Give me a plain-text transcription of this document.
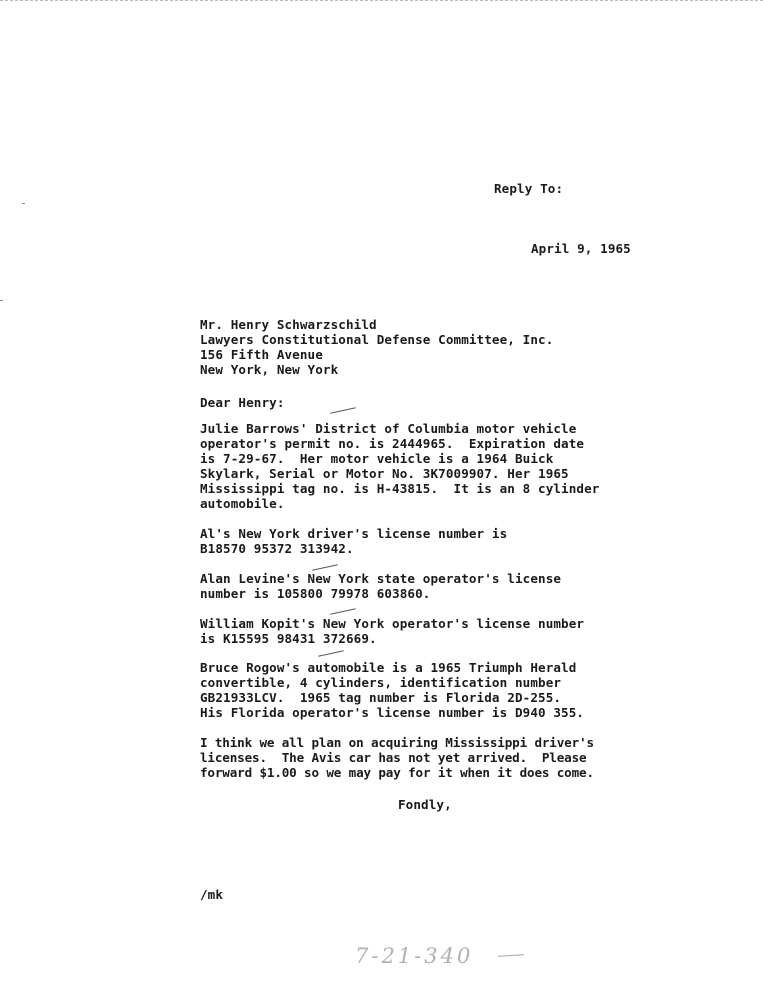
Reply To:
April 9, 1965
Mr. Henry Schwarzschild
Lawyers Constitutional Defense Committee, Inc.
156 Fifth Avenue
New York, New York
Dear Henry:
Julie Barrows' District of Columbia motor vehicle
operator's permit no. is 2444965.  Expiration date
is 7-29-67.  Her motor vehicle is a 1964 Buick
Skylark, Serial or Motor No. 3K7009907. Her 1965
Mississippi tag no. is H-43815.  It is an 8 cylinder
automobile.
Al's New York driver's license number is
B18570 95372 313942.
Alan Levine's New York state operator's license
number is 105800 79978 603860.
William Kopit's New York operator's license number
is K15595 98431 372669.
Bruce Rogow's automobile is a 1965 Triumph Herald
convertible, 4 cylinders, identification number
GB21933LCV.  1965 tag number is Florida 2D-255.
His Florida operator's license number is D940 355.
I think we all plan on acquiring Mississippi driver's
licenses.  The Avis car has not yet arrived.  Please
forward $1.00 so we may pay for it when it does come.
Fondly,
/mk
7-21-340
